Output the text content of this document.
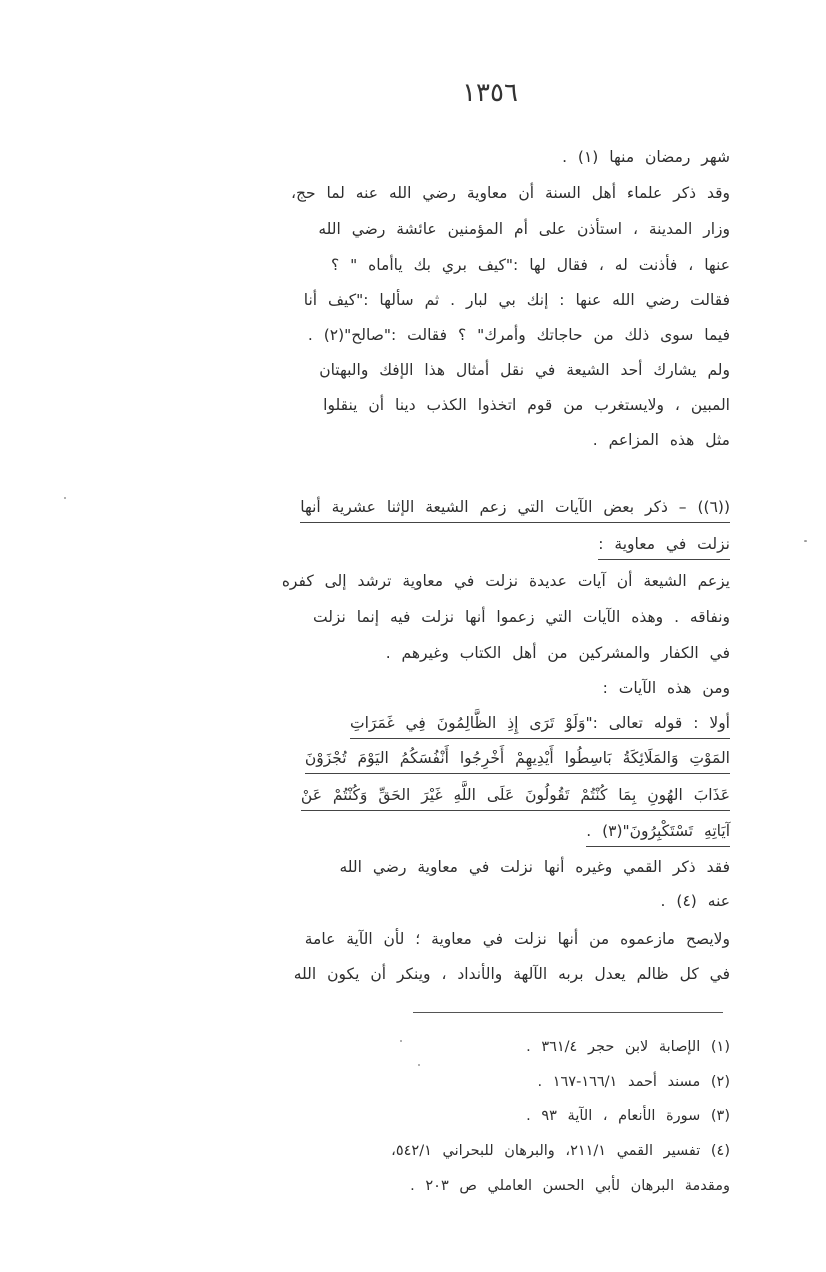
١٣٥٦
شهر رمضان منها (١) .
وقد ذكر علماء أهل السنة أن معاوية رضي الله عنه لما حج،
وزار المدينة ، استأذن على أم المؤمنين عائشة رضي الله
عنها ، فأذنت له ، فقال لها :"كيف بري بك ياأماه " ؟
فقالت رضي الله عنها : إنك بي لبار . ثم سألها :"كيف أنا
فيما سوى ذلك من حاجاتك وأمرك" ؟ فقالت :"صالح"(٢) .
ولم يشارك أحد الشيعة في نقل أمثال هذا الإفك والبهتان
المبين ، ولايستغرب من قوم اتخذوا الكذب دينا أن ينقلوا
مثل هذه المزاعم .
((٦)) – ذكر بعض الآيات التي زعم الشيعة الإثنا عشرية أنها
نزلت في معاوية :
يزعم الشيعة أن آيات عديدة نزلت في معاوية ترشد إلى كفره
ونفاقه . وهذه الآيات التي زعموا أنها نزلت فيه إنما نزلت
في الكفار والمشركين من أهل الكتاب وغيرهم .
ومن هذه الآيات :
أولا : قوله تعالى :"وَلَوْ تَرَى إِذِ الظَّالِمُونَ فِي غَمَرَاتِ
المَوْتِ وَالمَلَائِكَةُ بَاسِطُوا أَيْدِيهِمْ أَخْرِجُوا أَنْفُسَكُمُ اليَوْمَ تُجْزَوْنَ
عَذَابَ الهُونِ بِمَا كُنْتُمْ تَقُولُونَ عَلَى اللَّهِ غَيْرَ الحَقِّ وَكُنْتُمْ عَنْ
آيَاتِهِ تَسْتَكْبِرُونَ"(٣) .
فقد ذكر القمي وغيره أنها نزلت في معاوية رضي الله
عنه (٤) .
ولايصح مازعموه من أنها نزلت في معاوية ؛ لأن الآية عامة
في كل ظالم يعدل بربه الآلهة والأنداد ، وينكر أن يكون الله
(١) الإصابة لابن حجر ٣٦١/٤ .
(٢) مسند أحمد ١٦٦/١-١٦٧ .
(٣) سورة الأنعام ، الآية ٩٣ .
(٤) تفسير القمي ٢١١/١، والبرهان للبحراني ٥٤٢/١،
ومقدمة البرهان لأبي الحسن العاملي ص ٢٠٣ .
